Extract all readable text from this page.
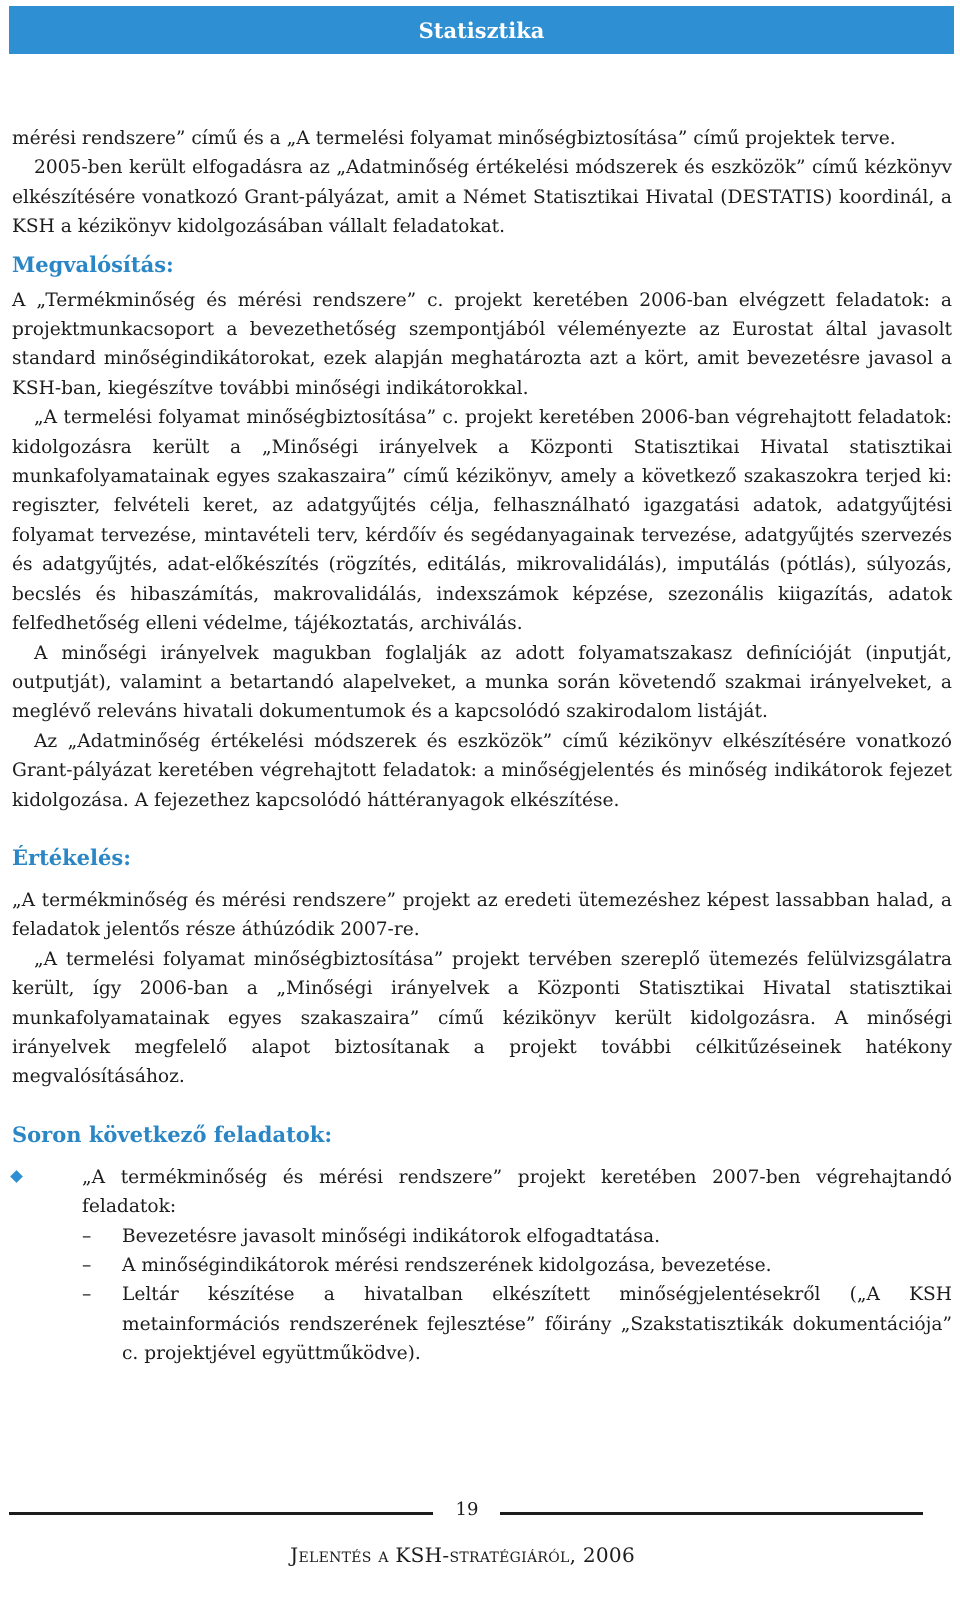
Statisztika

mérési rendszere” című és a „A termelési folyamat minőségbiztosítása” című projektek terve.

2005-ben került elfogadásra az „Adatminőség értékelési módszerek és eszközök” című kézkönyv elkészítésére vonatkozó Grant-pályázat, amit a Német Statisztikai Hivatal (DESTATIS) koordinál, a KSH a kézikönyv kidolgozásában vállalt feladatokat.

Megvalósítás:

A „Termékminőség és mérési rendszere” c. projekt keretében 2006-ban elvégzett feladatok: a projektmunkacsoport a bevezethetőség szempontjából véleményezte az Eurostat által javasolt standard minőségindikátorokat, ezek alapján meghatározta azt a kört, amit bevezetésre javasol a KSH-ban, kiegészítve további minőségi indikátorokkal.

„A termelési folyamat minőségbiztosítása” c. projekt keretében 2006-ban végrehajtott feladatok: kidolgozásra került a „Minőségi irányelvek a Központi Statisztikai Hivatal statisztikai munkafolyamatainak egyes szakaszaira” című kézikönyv, amely a következő szakaszokra terjed ki: regiszter, felvételi keret, az adatgyűjtés célja, felhasználható igazgatási adatok, adatgyűjtési folyamat tervezése, mintavételi terv, kérdőív és segédanyagainak tervezése, adatgyűjtés szervezés és adatgyűjtés, adat-előkészítés (rögzítés, editálás, mikrovalidálás), imputálás (pótlás), súlyozás, becslés és hibaszámítás, makrovalidálás, indexszámok képzése, szezonális kiigazítás, adatok felfedhetőség elleni védelme, tájékoztatás, archiválás.

A minőségi irányelvek magukban foglalják az adott folyamatszakasz definícióját (inputját, outputját), valamint a betartandó alapelveket, a munka során követendő szakmai irányelveket, a meglévő releváns hivatali dokumentumok és a kapcsolódó szakirodalom listáját.

Az „Adatminőség értékelési módszerek és eszközök” című kézikönyv elkészítésére vonatkozó Grant-pályázat keretében végrehajtott feladatok: a minőségjelentés és minőség indikátorok fejezet kidolgozása. A fejezethez kapcsolódó háttéranyagok elkészítése.

Értékelés:

„A termékminőség és mérési rendszere” projekt az eredeti ütemezéshez képest lassabban halad, a feladatok jelentős része áthúzódik 2007-re.

„A termelési folyamat minőségbiztosítása” projekt tervében szereplő ütemezés felülvizsgálatra került, így 2006-ban a „Minőségi irányelvek a Központi Statisztikai Hivatal statisztikai munkafolyamatainak egyes szakaszaira” című kézikönyv került kidolgozásra. A minőségi irányelvek megfelelő alapot biztosítanak a projekt további célkitűzéseinek hatékony megvalósításához.

Soron következő feladatok:
„A termékminőség és mérési rendszere” projekt keretében 2007-ben végrehajtandó feladatok:
– Bevezetésre javasolt minőségi indikátorok elfogadtatása.
– A minőségindikátorok mérési rendszerének kidolgozása, bevezetése.
– Leltár készítése a hivatalban elkészített minőségjelentésekről („A KSH metainformációs rendszerének fejlesztése” főirány „Szakstatisztikák dokumentációja” c. projektjével együttműködve).
19
Jelentés a KSH-stratégiáról, 2006
